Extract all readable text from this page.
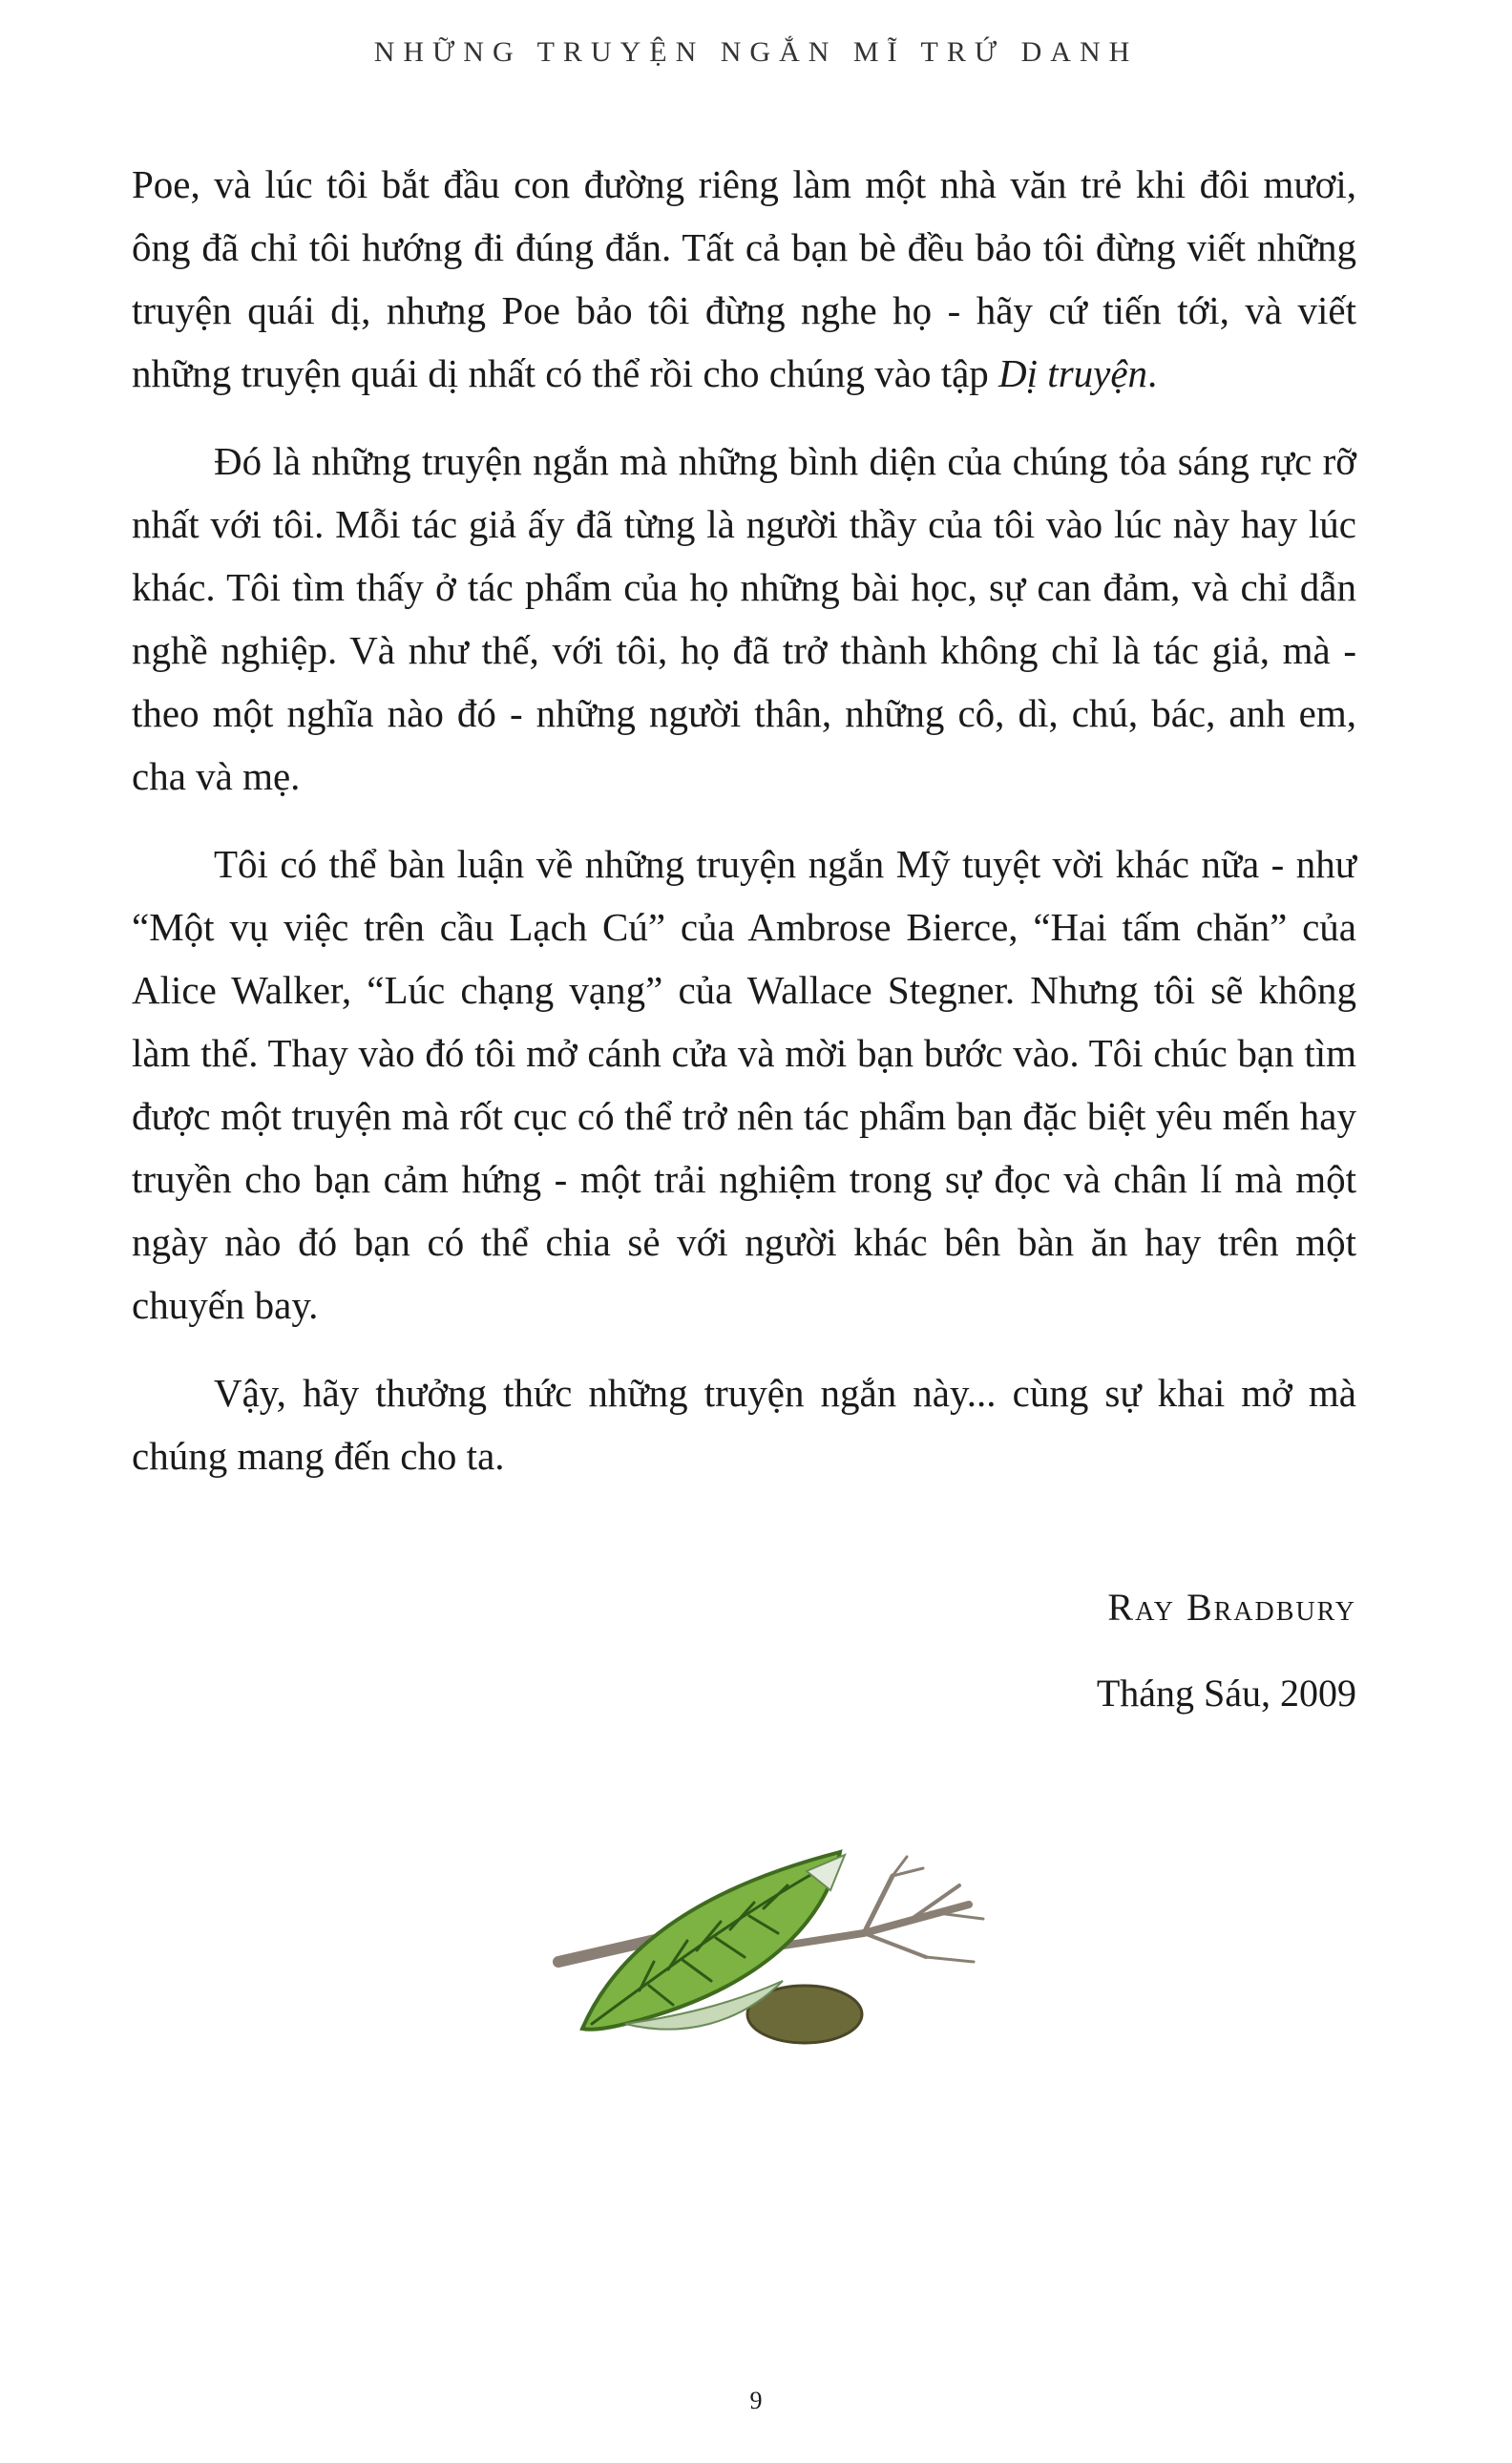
NHỮNG TRUYỆN NGẮN MĨ TRỨ DANH

Poe, và lúc tôi bắt đầu con đường riêng làm một nhà văn trẻ khi đôi mươi, ông đã chỉ tôi hướng đi đúng đắn. Tất cả bạn bè đều bảo tôi đừng viết những truyện quái dị, nhưng Poe bảo tôi đừng nghe họ - hãy cứ tiến tới, và viết những truyện quái dị nhất có thể rồi cho chúng vào tập Dị truyện.

Đó là những truyện ngắn mà những bình diện của chúng tỏa sáng rực rỡ nhất với tôi. Mỗi tác giả ấy đã từng là người thầy của tôi vào lúc này hay lúc khác. Tôi tìm thấy ở tác phẩm của họ những bài học, sự can đảm, và chỉ dẫn nghề nghiệp. Và như thế, với tôi, họ đã trở thành không chỉ là tác giả, mà - theo một nghĩa nào đó - những người thân, những cô, dì, chú, bác, anh em, cha và mẹ.

Tôi có thể bàn luận về những truyện ngắn Mỹ tuyệt vời khác nữa - như “Một vụ việc trên cầu Lạch Cú” của Ambrose Bierce, “Hai tấm chăn” của Alice Walker, “Lúc chạng vạng” của Wallace Stegner. Nhưng tôi sẽ không làm thế. Thay vào đó tôi mở cánh cửa và mời bạn bước vào. Tôi chúc bạn tìm được một truyện mà rốt cục có thể trở nên tác phẩm bạn đặc biệt yêu mến hay truyền cho bạn cảm hứng - một trải nghiệm trong sự đọc và chân lí mà một ngày nào đó bạn có thể chia sẻ với người khác bên bàn ăn hay trên một chuyến bay.

Vậy, hãy thưởng thức những truyện ngắn này... cùng sự khai mở mà chúng mang đến cho ta.

Ray Bradbury
Tháng Sáu, 2009
9
